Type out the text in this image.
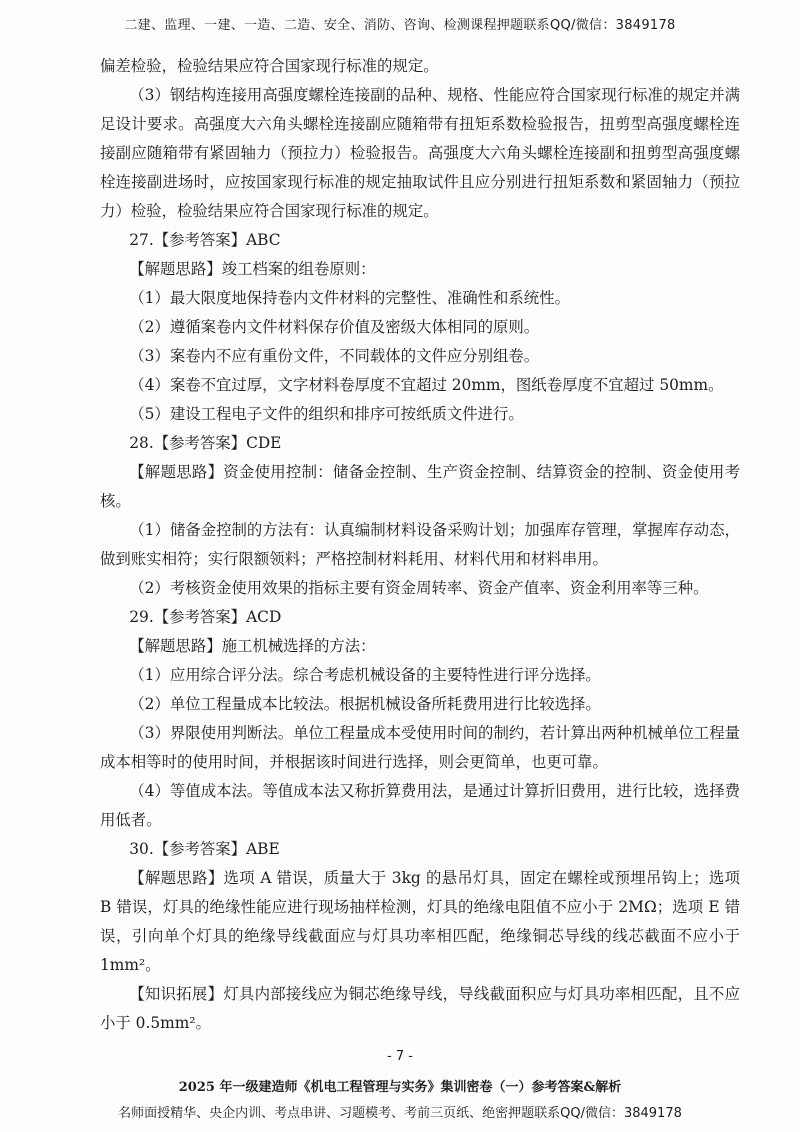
二建、监理、一建、一造、二造、安全、消防、咨询、检测课程押题联系QQ/微信：3849178

偏差检验，检验结果应符合国家现行标准的规定。

（3）钢结构连接用高强度螺栓连接副的品种、规格、性能应符合国家现行标准的规定并满足设计要求。高强度大六角头螺栓连接副应随箱带有扭矩系数检验报告，扭剪型高强度螺栓连接副应随箱带有紧固轴力（预拉力）检验报告。高强度大六角头螺栓连接副和扭剪型高强度螺栓连接副进场时，应按国家现行标准的规定抽取试件且应分别进行扭矩系数和紧固轴力（预拉力）检验，检验结果应符合国家现行标准的规定。

27.【参考答案】ABC

【解题思路】竣工档案的组卷原则：

（1）最大限度地保持卷内文件材料的完整性、准确性和系统性。

（2）遵循案卷内文件材料保存价值及密级大体相同的原则。

（3）案卷内不应有重份文件，不同载体的文件应分别组卷。

（4）案卷不宜过厚，文字材料卷厚度不宜超过 20mm，图纸卷厚度不宜超过 50mm。

（5）建设工程电子文件的组织和排序可按纸质文件进行。

28.【参考答案】CDE

【解题思路】资金使用控制：储备金控制、生产资金控制、结算资金的控制、资金使用考核。

（1）储备金控制的方法有：认真编制材料设备采购计划；加强库存管理，掌握库存动态，做到账实相符；实行限额领料；严格控制材料耗用、材料代用和材料串用。

（2）考核资金使用效果的指标主要有资金周转率、资金产值率、资金利用率等三种。

29.【参考答案】ACD

【解题思路】施工机械选择的方法：

（1）应用综合评分法。综合考虑机械设备的主要特性进行评分选择。

（2）单位工程量成本比较法。根据机械设备所耗费用进行比较选择。

（3）界限使用判断法。单位工程量成本受使用时间的制约，若计算出两种机械单位工程量成本相等时的使用时间，并根据该时间进行选择，则会更简单，也更可靠。

（4）等值成本法。等值成本法又称折算费用法，是通过计算折旧费用，进行比较，选择费用低者。

30.【参考答案】ABE

【解题思路】选项 A 错误，质量大于 3kg 的悬吊灯具，固定在螺栓或预埋吊钩上；选项 B 错误，灯具的绝缘性能应进行现场抽样检测，灯具的绝缘电阻值不应小于 2MΩ；选项 E 错误，引向单个灯具的绝缘导线截面应与灯具功率相匹配，绝缘铜芯导线的线芯截面不应小于 1mm²。

【知识拓展】灯具内部接线应为铜芯绝缘导线，导线截面积应与灯具功率相匹配，且不应小于 0.5mm²。

- 7 -
2025 年一级建造师《机电工程管理与实务》集训密卷（一）参考答案&解析
名师面授精华、央企内训、考点串讲、习题模考、考前三页纸、绝密押题联系QQ/微信：3849178
